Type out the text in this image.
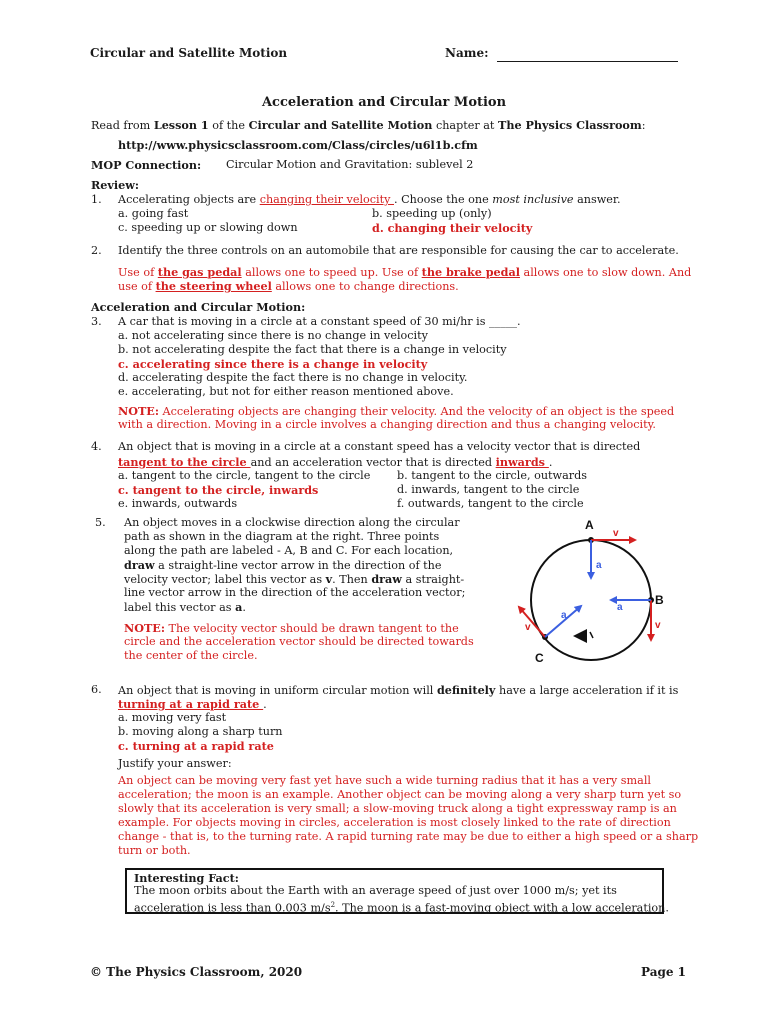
Circular and Satellite Motion	Name:
Acceleration and Circular Motion
Read from Lesson 1 of the Circular and Satellite Motion chapter at The Physics Classroom:
http://www.physicsclassroom.com/Class/circles/u6l1b.cfm
MOP Connection: Circular Motion and Gravitation: sublevel 2
Review:
1. Accelerating objects are changing their velocity . Choose the one most inclusive answer.
a. going fast	b. speeding up (only)
c. speeding up or slowing down	d. changing their velocity
2. Identify the three controls on an automobile that are responsible for causing the car to accelerate.
Use of the gas pedal allows one to speed up. Use of the brake pedal allows one to slow down. And
use of the steering wheel allows one to change directions.
Acceleration and Circular Motion:
3. A car that is moving in a circle at a constant speed of 30 mi/hr is _____.
a. not accelerating since there is no change in velocity
b. not accelerating despite the fact that there is a change in velocity
c. accelerating since there is a change in velocity
d. accelerating despite the fact there is no change in velocity.
e. accelerating, but not for either reason mentioned above.
NOTE: Accelerating objects are changing their velocity. And the velocity of an object is the speed
with a direction. Moving in a circle involves a changing direction and thus a changing velocity.
4. An object that is moving in a circle at a constant speed has a velocity vector that is directed
tangent to the circle and an acceleration vector that is directed inwards .
a. tangent to the circle, tangent to the circle b. tangent to the circle, outwards
c. tangent to the circle, inwards	d. inwards, tangent to the circle
e. inwards, outwards	f. outwards, tangent to the circle
5. An object moves in a clockwise direction along the circular
path as shown in the diagram at the right. Three points
along the path are labeled - A, B and C. For each location,
draw a straight-line vector arrow in the direction of the
velocity vector; label this vector as v. Then draw a straight-
line vector arrow in the direction of the acceleration vector;
label this vector as a.
NOTE: The velocity vector should be drawn tangent to the
circle and the acceleration vector should be directed towards
the center of the circle.
A
B
C
v
v
v
a
a
a
6. An object that is moving in uniform circular motion will definitely have a large acceleration if it is
turning at a rapid rate .
a. moving very fast
b. moving along a sharp turn
c. turning at a rapid rate
Justify your answer:
An object can be moving very fast yet have such a wide turning radius that it has a very small
acceleration; the moon is an example. Another object can be moving along a very sharp turn yet so
slowly that its acceleration is very small; a slow-moving truck along a tight expressway ramp is an
example. For objects moving in circles, acceleration is most closely linked to the rate of direction
change - that is, to the turning rate. A rapid turning rate may be due to either a high speed or a sharp
turn or both.
Interesting Fact:
The moon orbits about the Earth with an average speed of just over 1000 m/s; yet its
acceleration is less than 0.003 $m/s^2$. The moon is a fast-moving object with a low acceleration.
© The Physics Classroom, 2020	Page 1
